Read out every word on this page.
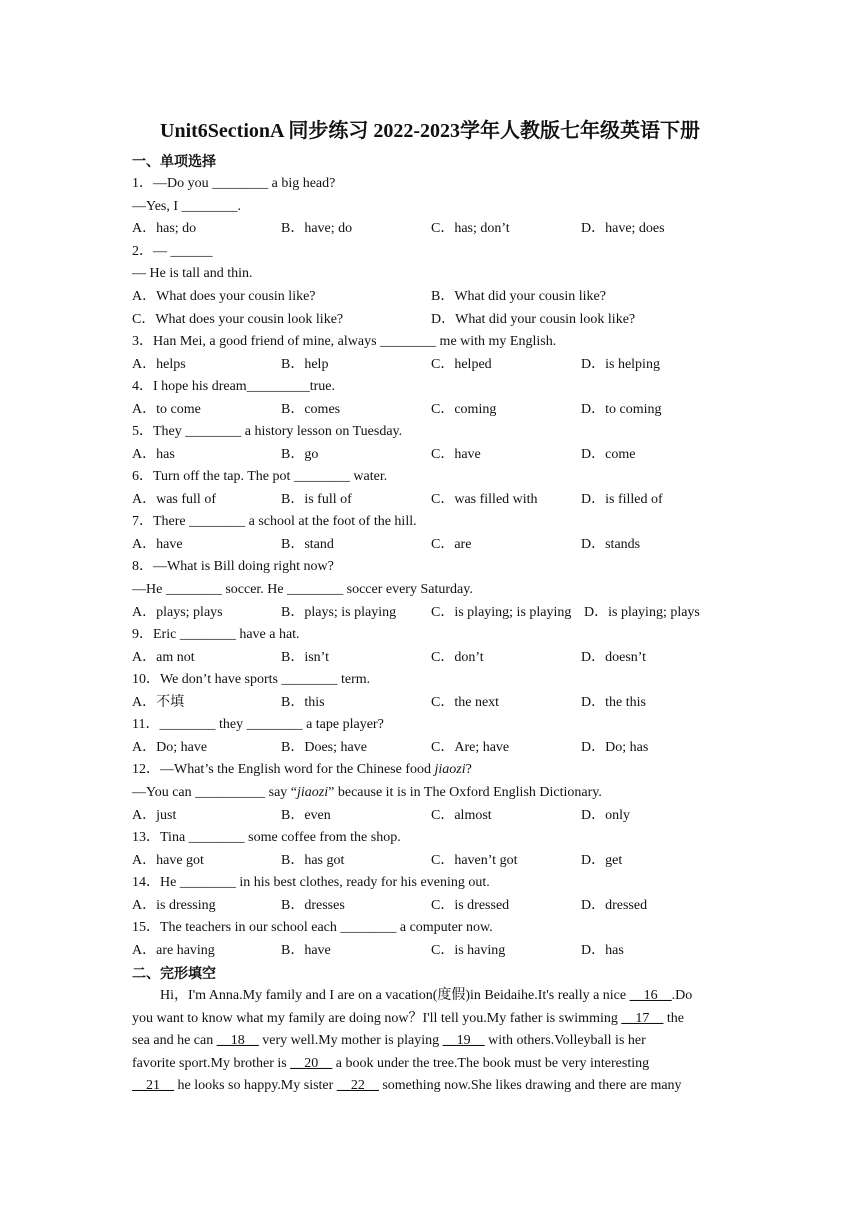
Unit6SectionA 同步练习 2022-2023学年人教版七年级英语下册
一、单项选择
1．—Do you ________ a big head?
—Yes, I ________.
A．has; do	B．have; do	C．has; don’t	D．have; does
2．— ______
— He is tall and thin.
A．What does your cousin like?	B．What did your cousin like?
C．What does your cousin look like?	D．What did your cousin look like?
3．Han Mei, a good friend of mine, always ________ me with my English.
A．helps	B．help	C．helped	D．is helping
4．I hope his dream_________true.
A．to come	B．comes	C．coming	D．to coming
5．They ________ a history lesson on Tuesday.
A．has	B．go	C．have	D．come
6．Turn off the tap. The pot ________ water.
A．was full of	B．is full of	C．was filled with	D．is filled of
7．There ________ a school at the foot of the hill.
A．have	B．stand	C．are	D．stands
8．—What is Bill doing right now?
—He ________ soccer. He ________ soccer every Saturday.
A．plays; plays	B．plays; is playing C．is playing; is playing D．is playing; plays
9．Eric ________ have a hat.
A．am not	B．isn’t	C．don’t	D．doesn’t
10．We don’t have sports ________ term.
A．不填	B．this	C．the next	D．the this
11．________ they ________ a tape player?
A．Do; have	B．Does; have	C．Are; have	D．Do; has
12．—What’s the English word for the Chinese food jiaozi?
—You can __________ say “jiaozi” because it is in The Oxford English Dictionary.
A．just	B．even	C．almost	D．only
13．Tina ________ some coffee from the shop.
A．have got	B．has got	C．haven’t got	D．get
14．He ________ in his best clothes, ready for his evening out.
A．is dressing	B．dresses	C．is dressed	D．dressed
15．The teachers in our school each ________ a computer now.
A．are having	B．have	C．is having	D．has
二、完形填空
Hi，I'm Anna.My family and I are on a vacation(度假)in Beidaihe.It's really a nice __16__.Do
you want to know what my family are doing now？I'll tell you.My father is swimming __17__ the
sea and he can __18__ very well.My mother is playing __19__ with others.Volleyball is her
favorite sport.My brother is __20__ a book under the tree.The book must be very interesting
__21__ he looks so happy.My sister __22__ something now.She likes drawing and there are many
